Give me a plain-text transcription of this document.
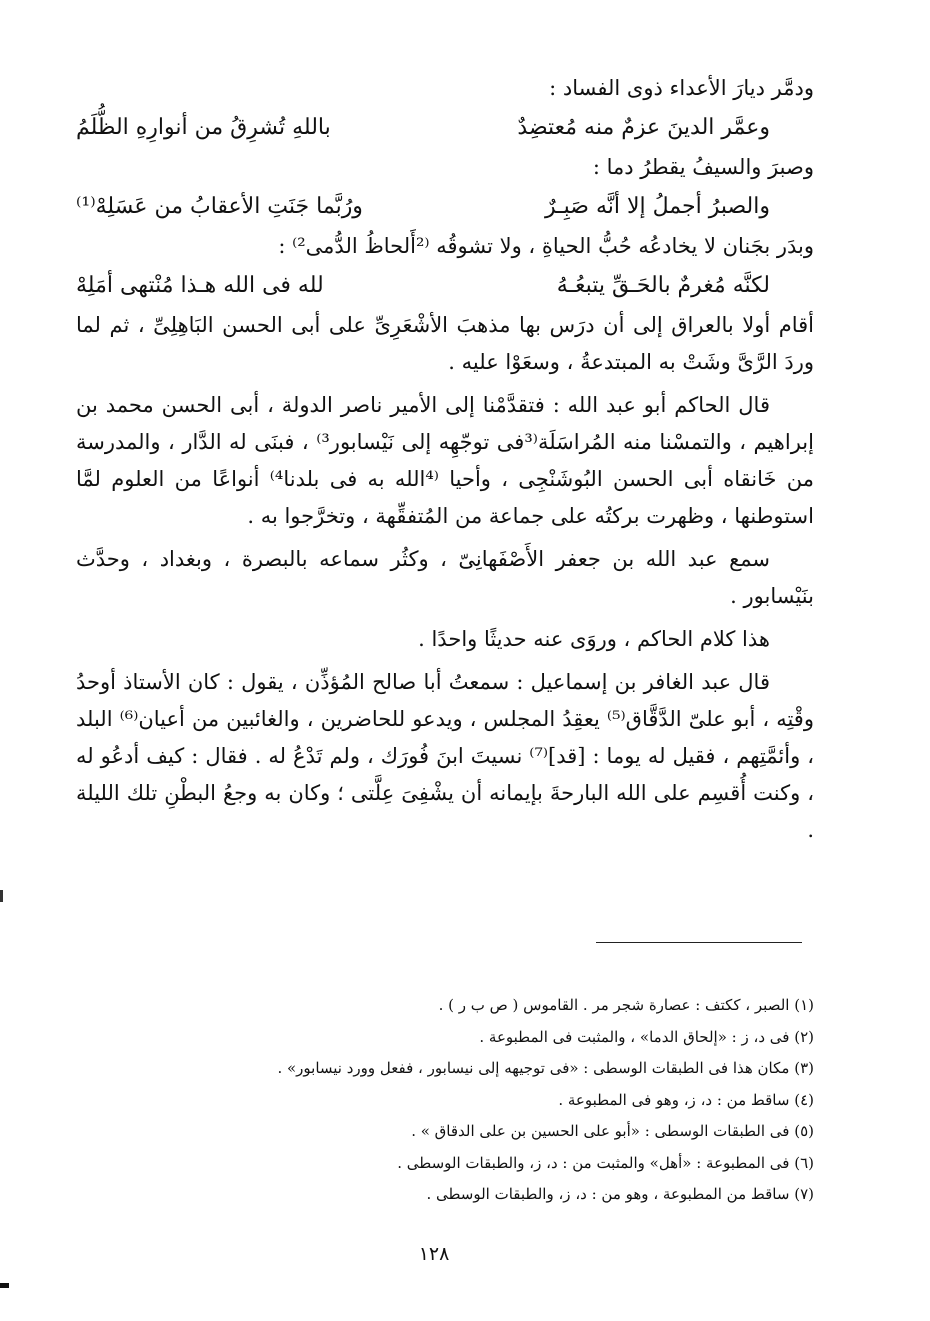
ودمَّر ديارَ الأعداء ذوى الفساد :

وعمَّر الدينَ عزمٌ منه مُعتضِدٌ
باللهِ تُشرِقُ من أنوارِهِ الظُّلَمُ

وصبرَ والسيفُ يقطرُ دما :

والصبرُ أجملُ إلا أنَّه صَبِـرٌ
ورُبَّما جَنَتِ الأعقابُ من عَسَلِهْ⁽¹⁾

وبدَر بجَنان لا يخادعُه حُبُّ الحياةِ ، ولا تشوقُه ⁽²أَلحاظُ الدُّمى²⁾ :

لكنَّه مُغرمٌ بالحَـقِّ يتبعُـهُ
لله فى الله هـذا مُنْتهى أمَلِهْ

أقام أولا بالعراق إلى أن درَس بها مذهبَ الأشْعَرِىِّ على أبى الحسن البَاهِلِىِّ ، ثم لما وردَ الرَّىَّ وشَتْ به المبتدعةُ ، وسعَوْا عليه .

قال الحاكم أبو عبد الله : فتقدَّمْنا إلى الأمير ناصر الدولة ، أبى الحسن محمد بن إبراهيم ، والتمسْنا منه المُراسَلَة⁽³فى توجّهِه إلى نَيْسابور³⁾ ، فبنَى له الدَّار ، والمدرسة من خَانقاه أبى الحسن البُوشَنْجِى ، وأحيا ⁽⁴الله به فى بلدنا⁴⁾ أنواعًا من العلوم لمَّا استوطنها ، وظهرت بركتُه على جماعة من المُتفقِّهة ، وتخرَّجوا به .

سمع عبد الله بن جعفر الأَصْفَهانِىّ ، وكثُر سماعه بالبصرة ، وبغداد ، وحدَّث بنَيْسابور .

هذا كلام الحاكم ، وروَى عنه حديثًا واحدًا .

قال عبد الغافر بن إسماعيل : سمعتُ أبا صالح المُؤذِّن ، يقول : كان الأستاذ أوحدُ وقْتِه ، أبو علىّ الدَّقَّاق⁽⁵⁾ يعقِدُ المجلس ، ويدعو للحاضرين ، والغائبين من أعيان⁽⁶⁾ البلد ، وأئمَّتِهم ، فقيل له يوما : [قد]⁽⁷⁾ نسيتَ ابنَ فُورَك ، ولم تَدْعُ له . فقال : كيف أدعُو له ، وكنت أُقسِم على الله البارحةَ بإيمانه أن يشْفِىَ عِلَّتى ؛ وكان به وجعُ البطْنِ تلك الليلة .

(١) الصبر ، ككتف : عصارة شجر مر . القاموس ( ص ب ر ) .
(٢) فى د، ز : «إلحاق الدما» ، والمثبت فى المطبوعة .
(٣) مكان هذا فى الطبقات الوسطى : «فى توجيهه إلى نيسابور ، ففعل وورد نيسابور» .
(٤) ساقط من : د، ز، وهو فى المطبوعة .
(٥) فى الطبقات الوسطى : «أبو على الحسين بن على الدقاق » .
(٦) فى المطبوعة : «أهل» والمثبت من : د، ز، والطبقات الوسطى .
(٧) ساقط من المطبوعة ، وهو من : د، ز، والطبقات الوسطى .
١٢٨
